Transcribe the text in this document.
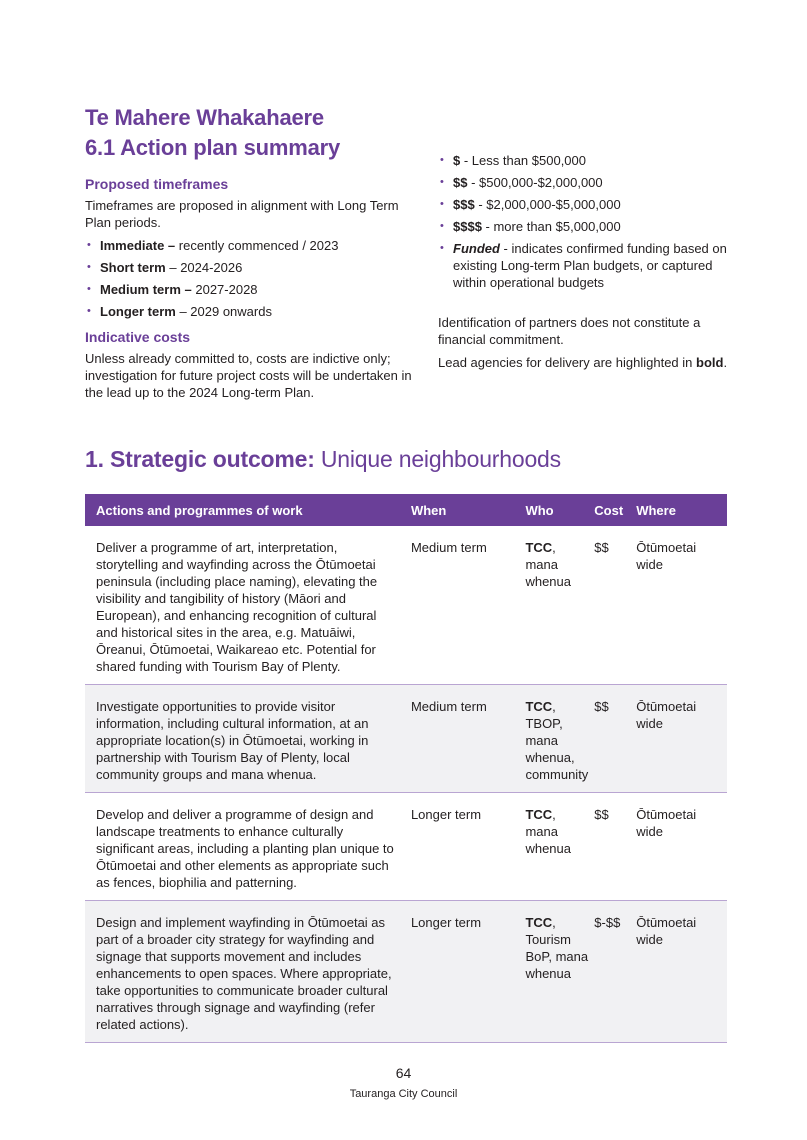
Te Mahere Whakahaere
6.1 Action plan summary
Proposed timeframes
Timeframes are proposed in alignment with Long Term Plan periods.
• Immediate – recently commenced / 2023
• Short term – 2024-2026
• Medium term – 2027-2028
• Longer term – 2029 onwards
Indicative costs
Unless already committed to, costs are indictive only; investigation for future project costs will be undertaken in the lead up to the 2024 Long-term Plan.
• $ - Less than $500,000
• $$ - $500,000-$2,000,000
• $$$ - $2,000,000-$5,000,000
• $$$$ - more than $5,000,000
• Funded - indicates confirmed funding based on existing Long-term Plan budgets, or captured within operational budgets
Identification of partners does not constitute a financial commitment.
Lead agencies for delivery are highlighted in bold.
1. Strategic outcome: Unique neighbourhoods
Actions and programmes of work	When	Who	Cost	Where
Deliver a programme of art, interpretation, storytelling and wayfinding across the Ōtūmoetai peninsula (including place naming), elevating the visibility and tangibility of history (Māori and European), and enhancing recognition of cultural and historical sites in the area, e.g. Matuāiwi, Ōreanui, Ōtūmoetai, Waikareao etc. Potential for shared funding with Tourism Bay of Plenty.	Medium term	TCC, mana whenua	$$	Ōtūmoetai wide
Investigate opportunities to provide visitor information, including cultural information, at an appropriate location(s) in Ōtūmoetai, working in partnership with Tourism Bay of Plenty, local community groups and mana whenua.	Medium term	TCC, TBOP, mana whenua, community	$$	Ōtūmoetai wide
Develop and deliver a programme of design and landscape treatments to enhance culturally significant areas, including a planting plan unique to Ōtūmoetai and other elements as appropriate such as fences, biophilia and patterning.	Longer term	TCC, mana whenua	$$	Ōtūmoetai wide
Design and implement wayfinding in Ōtūmoetai as part of a broader city strategy for wayfinding and signage that supports movement and includes enhancements to open spaces. Where appropriate, take opportunities to communicate broader cultural narratives through signage and wayfinding (refer related actions).	Longer term	TCC, Tourism BoP, mana whenua	$-$$	Ōtūmoetai wide
64
Tauranga City Council
